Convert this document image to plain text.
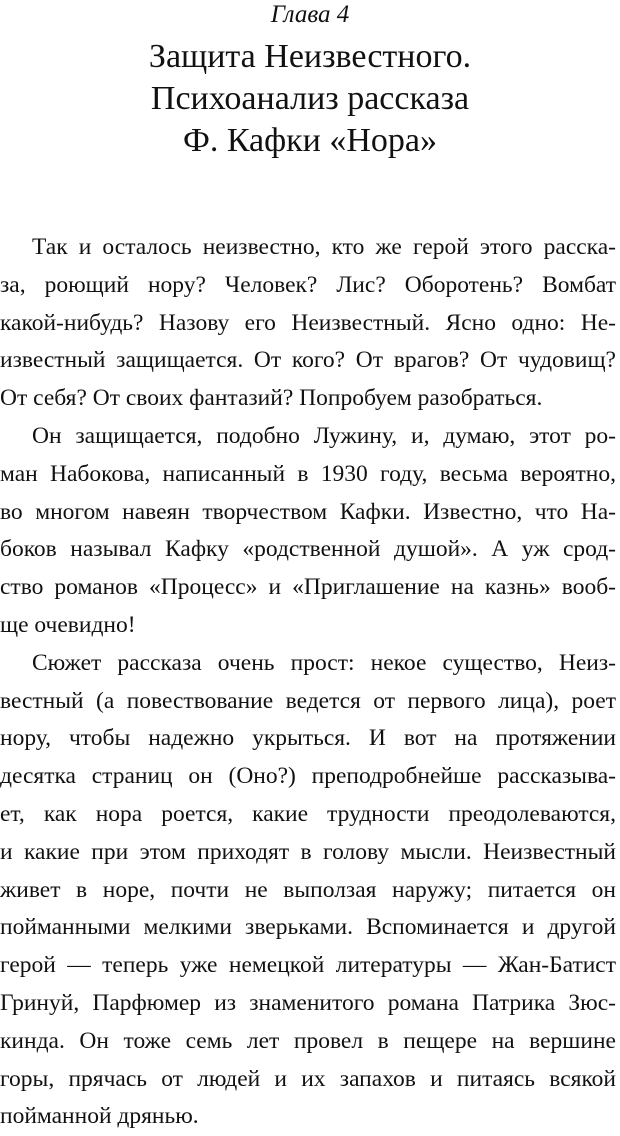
Глава 4
Защита Неизвестного.
Психоанализ рассказа
Ф. Кафки «Нора»
Так и осталось неизвестно, кто же герой этого расска-
за, роющий нору? Человек? Лис? Оборотень? Вомбат
какой-нибудь? Назову его Неизвестный. Ясно одно: Не-
известный защищается. От кого? От врагов? От чудовищ?
От себя? От своих фантазий? Попробуем разобраться.
Он защищается, подобно Лужину, и, думаю, этот ро-
ман Набокова, написанный в 1930 году, весьма вероятно,
во многом навеян творчеством Кафки. Известно, что На-
боков называл Кафку «родственной душой». А уж срод-
ство романов «Процесс» и «Приглашение на казнь» вооб-
ще очевидно!
Сюжет рассказа очень прост: некое существо, Неиз-
вестный (а повествование ведется от первого лица), роет
нору, чтобы надежно укрыться. И вот на протяжении
десятка страниц он (Оно?) преподробнейше рассказыва-
ет, как нора роется, какие трудности преодолеваются,
и какие при этом приходят в голову мысли. Неизвестный
живет в норе, почти не выползая наружу; питается он
пойманными мелкими зверьками. Вспоминается и другой
герой — теперь уже немецкой литературы — Жан-Батист
Гринуй, Парфюмер из знаменитого романа Патрика Зюс-
кинда. Он тоже семь лет провел в пещере на вершине
горы, прячась от людей и их запахов и питаясь всякой
пойманной дрянью.
